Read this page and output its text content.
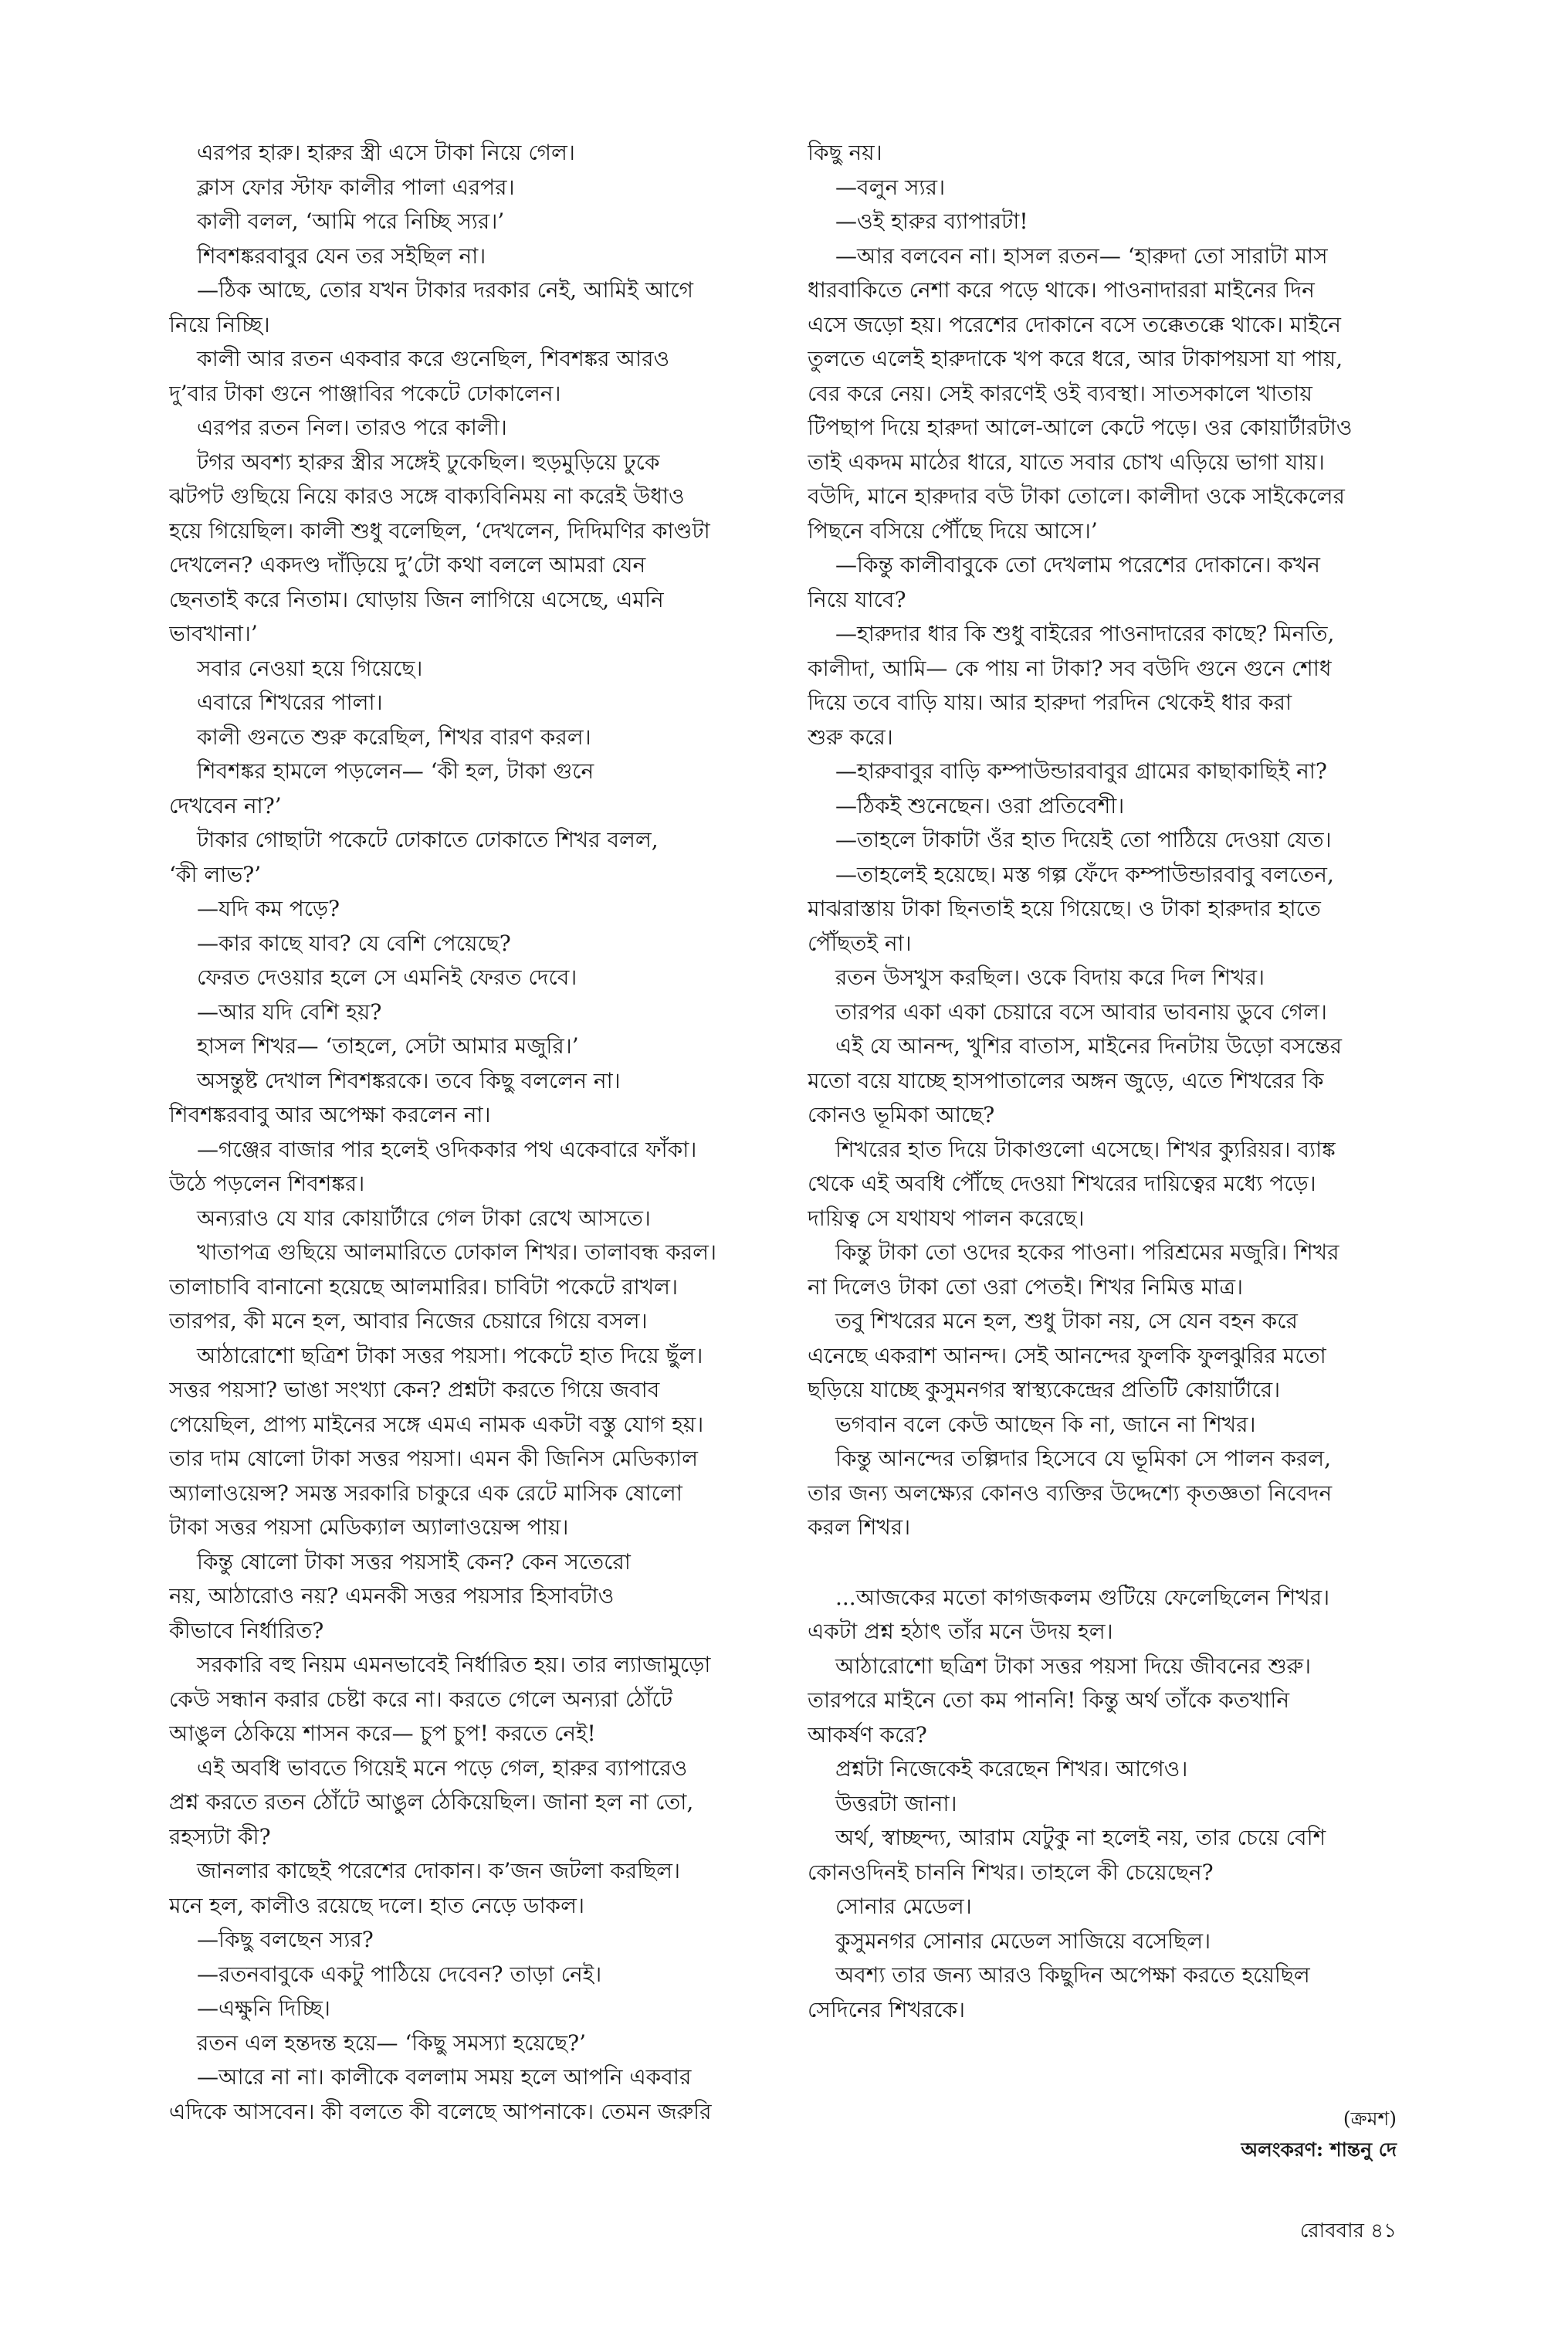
এরপর হারু। হারুর স্ত্রী এসে টাকা নিয়ে গেল।
ক্লাস ফোর স্টাফ কালীর পালা এরপর।
কালী বলল, ‘আমি পরে নিচ্ছি স্যর।’
শিবশঙ্করবাবুর যেন তর সইছিল না।
—ঠিক আছে, তোর যখন টাকার দরকার নেই, আমিই আগে
নিয়ে নিচ্ছি।
কালী আর রতন একবার করে গুনেছিল, শিবশঙ্কর আরও
দু’বার টাকা গুনে পাঞ্জাবির পকেটে ঢোকালেন।
এরপর রতন নিল। তারও পরে কালী।
টগর অবশ্য হারুর স্ত্রীর সঙ্গেই ঢুকেছিল। হুড়মুড়িয়ে ঢুকে
ঝটপট গুছিয়ে নিয়ে কারও সঙ্গে বাক্যবিনিময় না করেই উধাও
হয়ে গিয়েছিল। কালী শুধু বলেছিল, ‘দেখলেন, দিদিমণির কাণ্ডটা
দেখলেন? একদণ্ড দাঁড়িয়ে দু’টো কথা বললে আমরা যেন
ছেনতাই করে নিতাম। ঘোড়ায় জিন লাগিয়ে এসেছে, এমনি
ভাবখানা।’
সবার নেওয়া হয়ে গিয়েছে।
এবারে শিখরের পালা।
কালী গুনতে শুরু করেছিল, শিখর বারণ করল।
শিবশঙ্কর হামলে পড়লেন— ‘কী হল, টাকা গুনে
দেখবেন না?’
টাকার গোছাটা পকেটে ঢোকাতে ঢোকাতে শিখর বলল,
‘কী লাভ?’
—যদি কম পড়ে?
—কার কাছে যাব? যে বেশি পেয়েছে?
ফেরত দেওয়ার হলে সে এমনিই ফেরত দেবে।
—আর যদি বেশি হয়?
হাসল শিখর— ‘তাহলে, সেটা আমার মজুরি।’
অসন্তুষ্ট দেখাল শিবশঙ্করকে। তবে কিছু বললেন না।
শিবশঙ্করবাবু আর অপেক্ষা করলেন না।
—গঞ্জের বাজার পার হলেই ওদিককার পথ একেবারে ফাঁকা।
উঠে পড়লেন শিবশঙ্কর।
অন্যরাও যে যার কোয়ার্টারে গেল টাকা রেখে আসতে।
খাতাপত্র গুছিয়ে আলমারিতে ঢোকাল শিখর। তালাবন্ধ করল।
তালাচাবি বানানো হয়েছে আলমারির। চাবিটা পকেটে রাখল।
তারপর, কী মনে হল, আবার নিজের চেয়ারে গিয়ে বসল।
আঠারোশো ছত্রিশ টাকা সত্তর পয়সা। পকেটে হাত দিয়ে ছুঁল।
সত্তর পয়সা? ভাঙা সংখ্যা কেন? প্রশ্নটা করতে গিয়ে জবাব
পেয়েছিল, প্রাপ্য মাইনের সঙ্গে এমএ নামক একটা বস্তু যোগ হয়।
তার দাম ষোলো টাকা সত্তর পয়সা। এমন কী জিনিস মেডিক্যাল
অ্যালাওয়েন্স? সমস্ত সরকারি চাকুরে এক রেটে মাসিক ষোলো
টাকা সত্তর পয়সা মেডিক্যাল অ্যালাওয়েন্স পায়।
কিন্তু ষোলো টাকা সত্তর পয়সাই কেন? কেন সতেরো
নয়, আঠারোও নয়? এমনকী সত্তর পয়সার হিসাবটাও
কীভাবে নির্ধারিত?
সরকারি বহু নিয়ম এমনভাবেই নির্ধারিত হয়। তার ল্যাজামুড়ো
কেউ সন্ধান করার চেষ্টা করে না। করতে গেলে অন্যরা ঠোঁটে
আঙুল ঠেকিয়ে শাসন করে— চুপ চুপ! করতে নেই!
এই অবধি ভাবতে গিয়েই মনে পড়ে গেল, হারুর ব্যাপারেও
প্রশ্ন করতে রতন ঠোঁটে আঙুল ঠেকিয়েছিল। জানা হল না তো,
রহস্যটা কী?
জানলার কাছেই পরেশের দোকান। ক’জন জটলা করছিল।
মনে হল, কালীও রয়েছে দলে। হাত নেড়ে ডাকল।
—কিছু বলছেন স্যর?
—রতনবাবুকে একটু পাঠিয়ে দেবেন? তাড়া নেই।
—এক্ষুনি দিচ্ছি।
রতন এল হন্তদন্ত হয়ে— ‘কিছু সমস্যা হয়েছে?’
—আরে না না। কালীকে বললাম সময় হলে আপনি একবার
এদিকে আসবেন। কী বলতে কী বলেছে আপনাকে। তেমন জরুরি
কিছু নয়।
—বলুন স্যর।
—ওই হারুর ব্যাপারটা!
—আর বলবেন না। হাসল রতন— ‘হারুদা তো সারাটা মাস
ধারবাকিতে নেশা করে পড়ে থাকে। পাওনাদাররা মাইনের দিন
এসে জড়ো হয়। পরেশের দোকানে বসে তক্কেতক্কে থাকে। মাইনে
তুলতে এলেই হারুদাকে খপ করে ধরে, আর টাকাপয়সা যা পায়,
বের করে নেয়। সেই কারণেই ওই ব্যবস্থা। সাতসকালে খাতায়
টিপছাপ দিয়ে হারুদা আলে-আলে কেটে পড়ে। ওর কোয়ার্টারটাও
তাই একদম মাঠের ধারে, যাতে সবার চোখ এড়িয়ে ভাগা যায়।
বউদি, মানে হারুদার বউ টাকা তোলে। কালীদা ওকে সাইকেলের
পিছনে বসিয়ে পৌঁছে দিয়ে আসে।’
—কিন্তু কালীবাবুকে তো দেখলাম পরেশের দোকানে। কখন
নিয়ে যাবে?
—হারুদার ধার কি শুধু বাইরের পাওনাদারের কাছে? মিনতি,
কালীদা, আমি— কে পায় না টাকা? সব বউদি গুনে গুনে শোধ
দিয়ে তবে বাড়ি যায়। আর হারুদা পরদিন থেকেই ধার করা
শুরু করে।
—হারুবাবুর বাড়ি কম্পাউন্ডারবাবুর গ্রামের কাছাকাছিই না?
—ঠিকই শুনেছেন। ওরা প্রতিবেশী।
—তাহলে টাকাটা ওঁর হাত দিয়েই তো পাঠিয়ে দেওয়া যেত।
—তাহলেই হয়েছে। মস্ত গল্প ফেঁদে কম্পাউন্ডারবাবু বলতেন,
মাঝরাস্তায় টাকা ছিনতাই হয়ে গিয়েছে। ও টাকা হারুদার হাতে
পৌঁছতই না।
রতন উসখুস করছিল। ওকে বিদায় করে দিল শিখর।
তারপর একা একা চেয়ারে বসে আবার ভাবনায় ডুবে গেল।
এই যে আনন্দ, খুশির বাতাস, মাইনের দিনটায় উড়ো বসন্তের
মতো বয়ে যাচ্ছে হাসপাতালের অঙ্গন জুড়ে, এতে শিখরের কি
কোনও ভূমিকা আছে?
শিখরের হাত দিয়ে টাকাগুলো এসেছে। শিখর ক্যুরিয়র। ব্যাঙ্ক
থেকে এই অবধি পৌঁছে দেওয়া শিখরের দায়িত্বের মধ্যে পড়ে।
দায়িত্ব সে যথাযথ পালন করেছে।
কিন্তু টাকা তো ওদের হকের পাওনা। পরিশ্রমের মজুরি। শিখর
না দিলেও টাকা তো ওরা পেতই। শিখর নিমিত্ত মাত্র।
তবু শিখরের মনে হল, শুধু টাকা নয়, সে যেন বহন করে
এনেছে একরাশ আনন্দ। সেই আনন্দের ফুলকি ফুলঝুরির মতো
ছড়িয়ে যাচ্ছে কুসুমনগর স্বাস্থ্যকেন্দ্রের প্রতিটি কোয়ার্টারে।
ভগবান বলে কেউ আছেন কি না, জানে না শিখর।
কিন্তু আনন্দের তল্পিদার হিসেবে যে ভূমিকা সে পালন করল,
তার জন্য অলক্ষ্যের কোনও ব্যক্তির উদ্দেশ্যে কৃতজ্ঞতা নিবেদন
করল শিখর।
...আজকের মতো কাগজকলম গুটিয়ে ফেলেছিলেন শিখর।
একটা প্রশ্ন হঠাৎ তাঁর মনে উদয় হল।
আঠারোশো ছত্রিশ টাকা সত্তর পয়সা দিয়ে জীবনের শুরু।
তারপরে মাইনে তো কম পাননি! কিন্তু অর্থ তাঁকে কতখানি
আকর্ষণ করে?
প্রশ্নটা নিজেকেই করেছেন শিখর। আগেও।
উত্তরটা জানা।
অর্থ, স্বাচ্ছন্দ্য, আরাম যেটুকু না হলেই নয়, তার চেয়ে বেশি
কোনওদিনই চাননি শিখর। তাহলে কী চেয়েছেন?
সোনার মেডেল।
কুসুমনগর সোনার মেডেল সাজিয়ে বসেছিল।
অবশ্য তার জন্য আরও কিছুদিন অপেক্ষা করতে হয়েছিল
সেদিনের শিখরকে।
(ক্রমশ)
অলংকরণ: শান্তনু দে
রোববার ৪১
